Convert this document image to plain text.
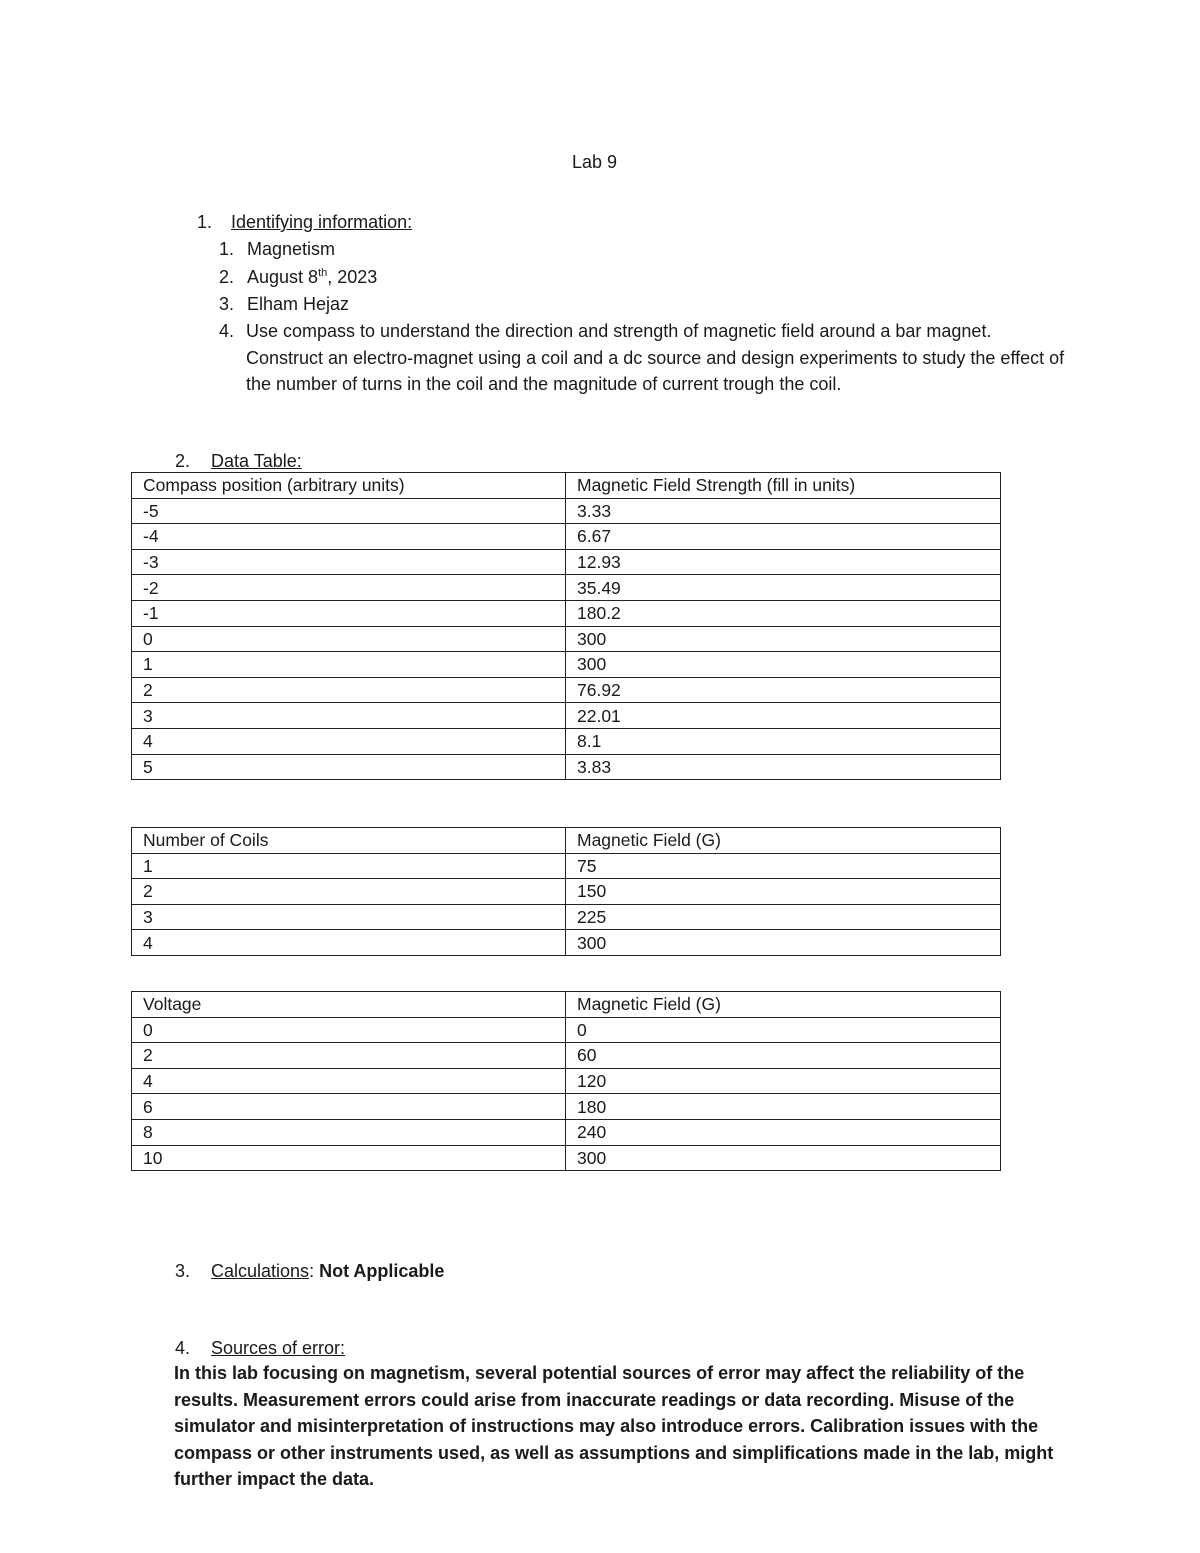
Lab 9
1. Identifying information:
1. Magnetism
2. August 8th, 2023
3. Elham Hejaz
4. Use compass to understand the direction and strength of magnetic field around a bar magnet. Construct an electro-magnet using a coil and a dc source and design experiments to study the effect of the number of turns in the coil and the magnitude of current trough the coil.
2. Data Table:
Compass position (arbitrary units)	Magnetic Field Strength (fill in units)
-5	3.33
-4	6.67
-3	12.93
-2	35.49
-1	180.2
0	300
1	300
2	76.92
3	22.01
4	8.1
5	3.83
Number of Coils	Magnetic Field (G)
1	75
2	150
3	225
4	300
Voltage	Magnetic Field (G)
0	0
2	60
4	120
6	180
8	240
10	300
3. Calculations: Not Applicable
4. Sources of error:
In this lab focusing on magnetism, several potential sources of error may affect the reliability of the results. Measurement errors could arise from inaccurate readings or data recording. Misuse of the simulator and misinterpretation of instructions may also introduce errors. Calibration issues with the compass or other instruments used, as well as assumptions and simplifications made in the lab, might further impact the data.
